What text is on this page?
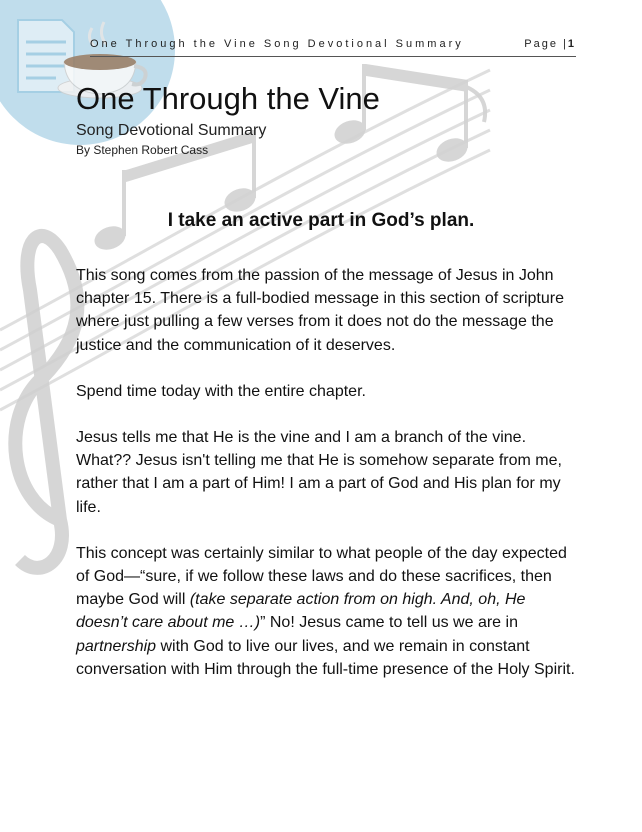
One Through the Vine Song Devotional Summary	Page |1
One Through the Vine
Song Devotional Summary
By Stephen Robert Cass
I take an active part in God’s plan.

This song comes from the passion of the message of Jesus in John chapter 15. There is a full-bodied message in this section of scripture where just pulling a few verses from it does not do the message the justice and the communication of it deserves.

Spend time today with the entire chapter.

Jesus tells me that He is the vine and I am a branch of the vine. What?? Jesus isn't telling me that He is somehow separate from me, rather that I am a part of Him! I am a part of God and His plan for my life.

This concept was certainly similar to what people of the day expected of God—“sure, if we follow these laws and do these sacrifices, then maybe God will (take separate action from on high. And, oh, He doesn’t care about me …)” No! Jesus came to tell us we are in partnership with God to live our lives, and we remain in constant conversation with Him through the full-time presence of the Holy Spirit.
